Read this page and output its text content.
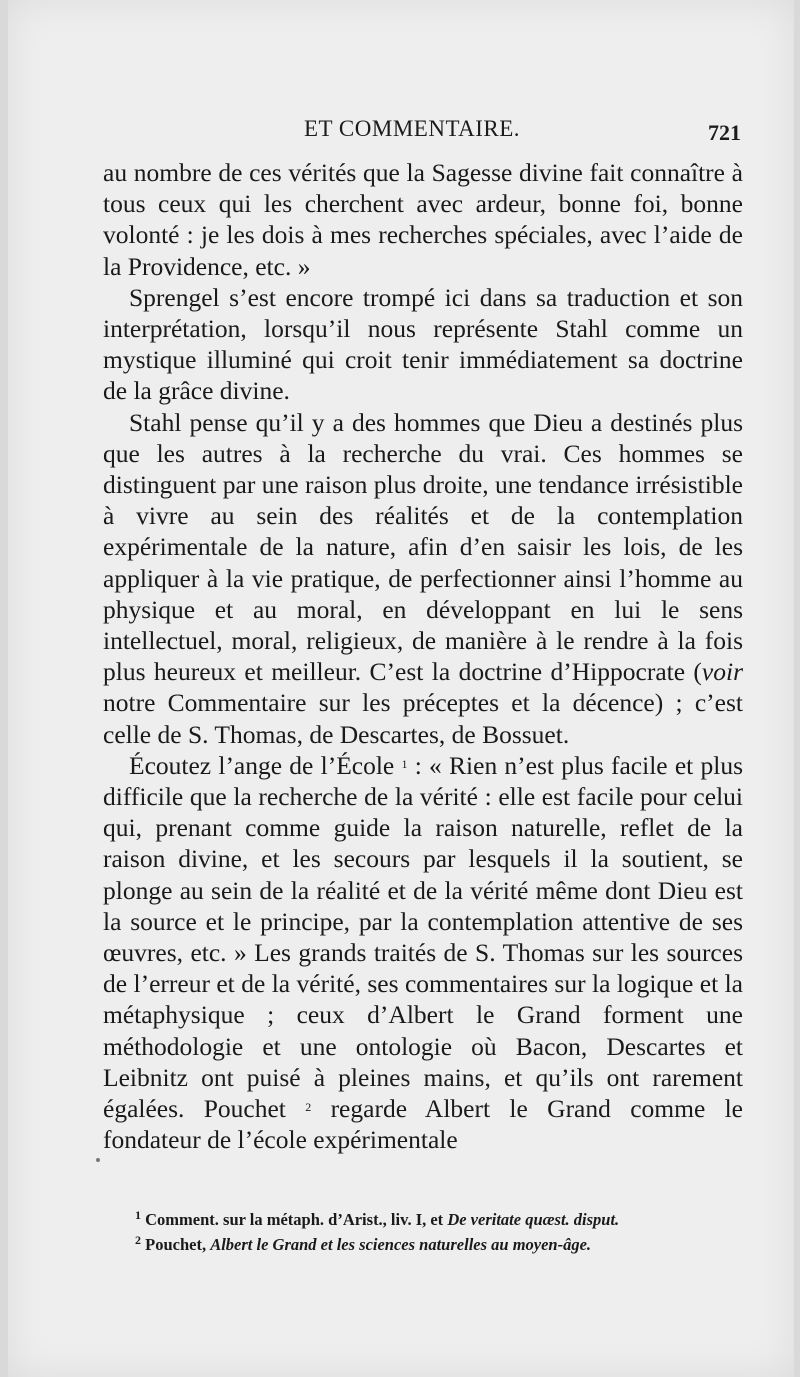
ET COMMENTAIRE.	721

au nombre de ces vérités que la Sagesse divine fait connaître à tous ceux qui les cherchent avec ardeur, bonne foi, bonne volonté : je les dois à mes recherches spéciales, avec l’aide de la Providence, etc. »

Sprengel s’est encore trompé ici dans sa traduction et son interprétation, lorsqu’il nous représente Stahl comme un mystique illuminé qui croit tenir immédiatement sa doctrine de la grâce divine.

Stahl pense qu’il y a des hommes que Dieu a destinés plus que les autres à la recherche du vrai. Ces hommes se distinguent par une raison plus droite, une tendance irrésistible à vivre au sein des réalités et de la contemplation expérimentale de la nature, afin d’en saisir les lois, de les appliquer à la vie pratique, de perfectionner ainsi l’homme au physique et au moral, en développant en lui le sens intellectuel, moral, religieux, de manière à le rendre à la fois plus heureux et meilleur. C’est la doctrine d’Hippocrate (voir notre Commentaire sur les préceptes et la décence) ; c’est celle de S. Thomas, de Descartes, de Bossuet.

Écoutez l’ange de l’École $^1$ : « Rien n’est plus facile et plus difficile que la recherche de la vérité : elle est facile pour celui qui, prenant comme guide la raison naturelle, reflet de la raison divine, et les secours par lesquels il la soutient, se plonge au sein de la réalité et de la vérité même dont Dieu est la source et le principe, par la contemplation attentive de ses œuvres, etc. » Les grands traités de S. Thomas sur les sources de l’erreur et de la vérité, ses commentaires sur la logique et la métaphysique ; ceux d’Albert le Grand forment une méthodologie et une ontologie où Bacon, Descartes et Leibnitz ont puisé à pleines mains, et qu’ils ont rarement égalées. Pouchet $^2$ regarde Albert le Grand comme le fondateur de l’école expérimentale

$^1$ Comment. sur la métaph. d’Arist., liv. I, et De veritate quæst. disput.

$^2$ Pouchet, Albert le Grand et les sciences naturelles au moyen-âge.
